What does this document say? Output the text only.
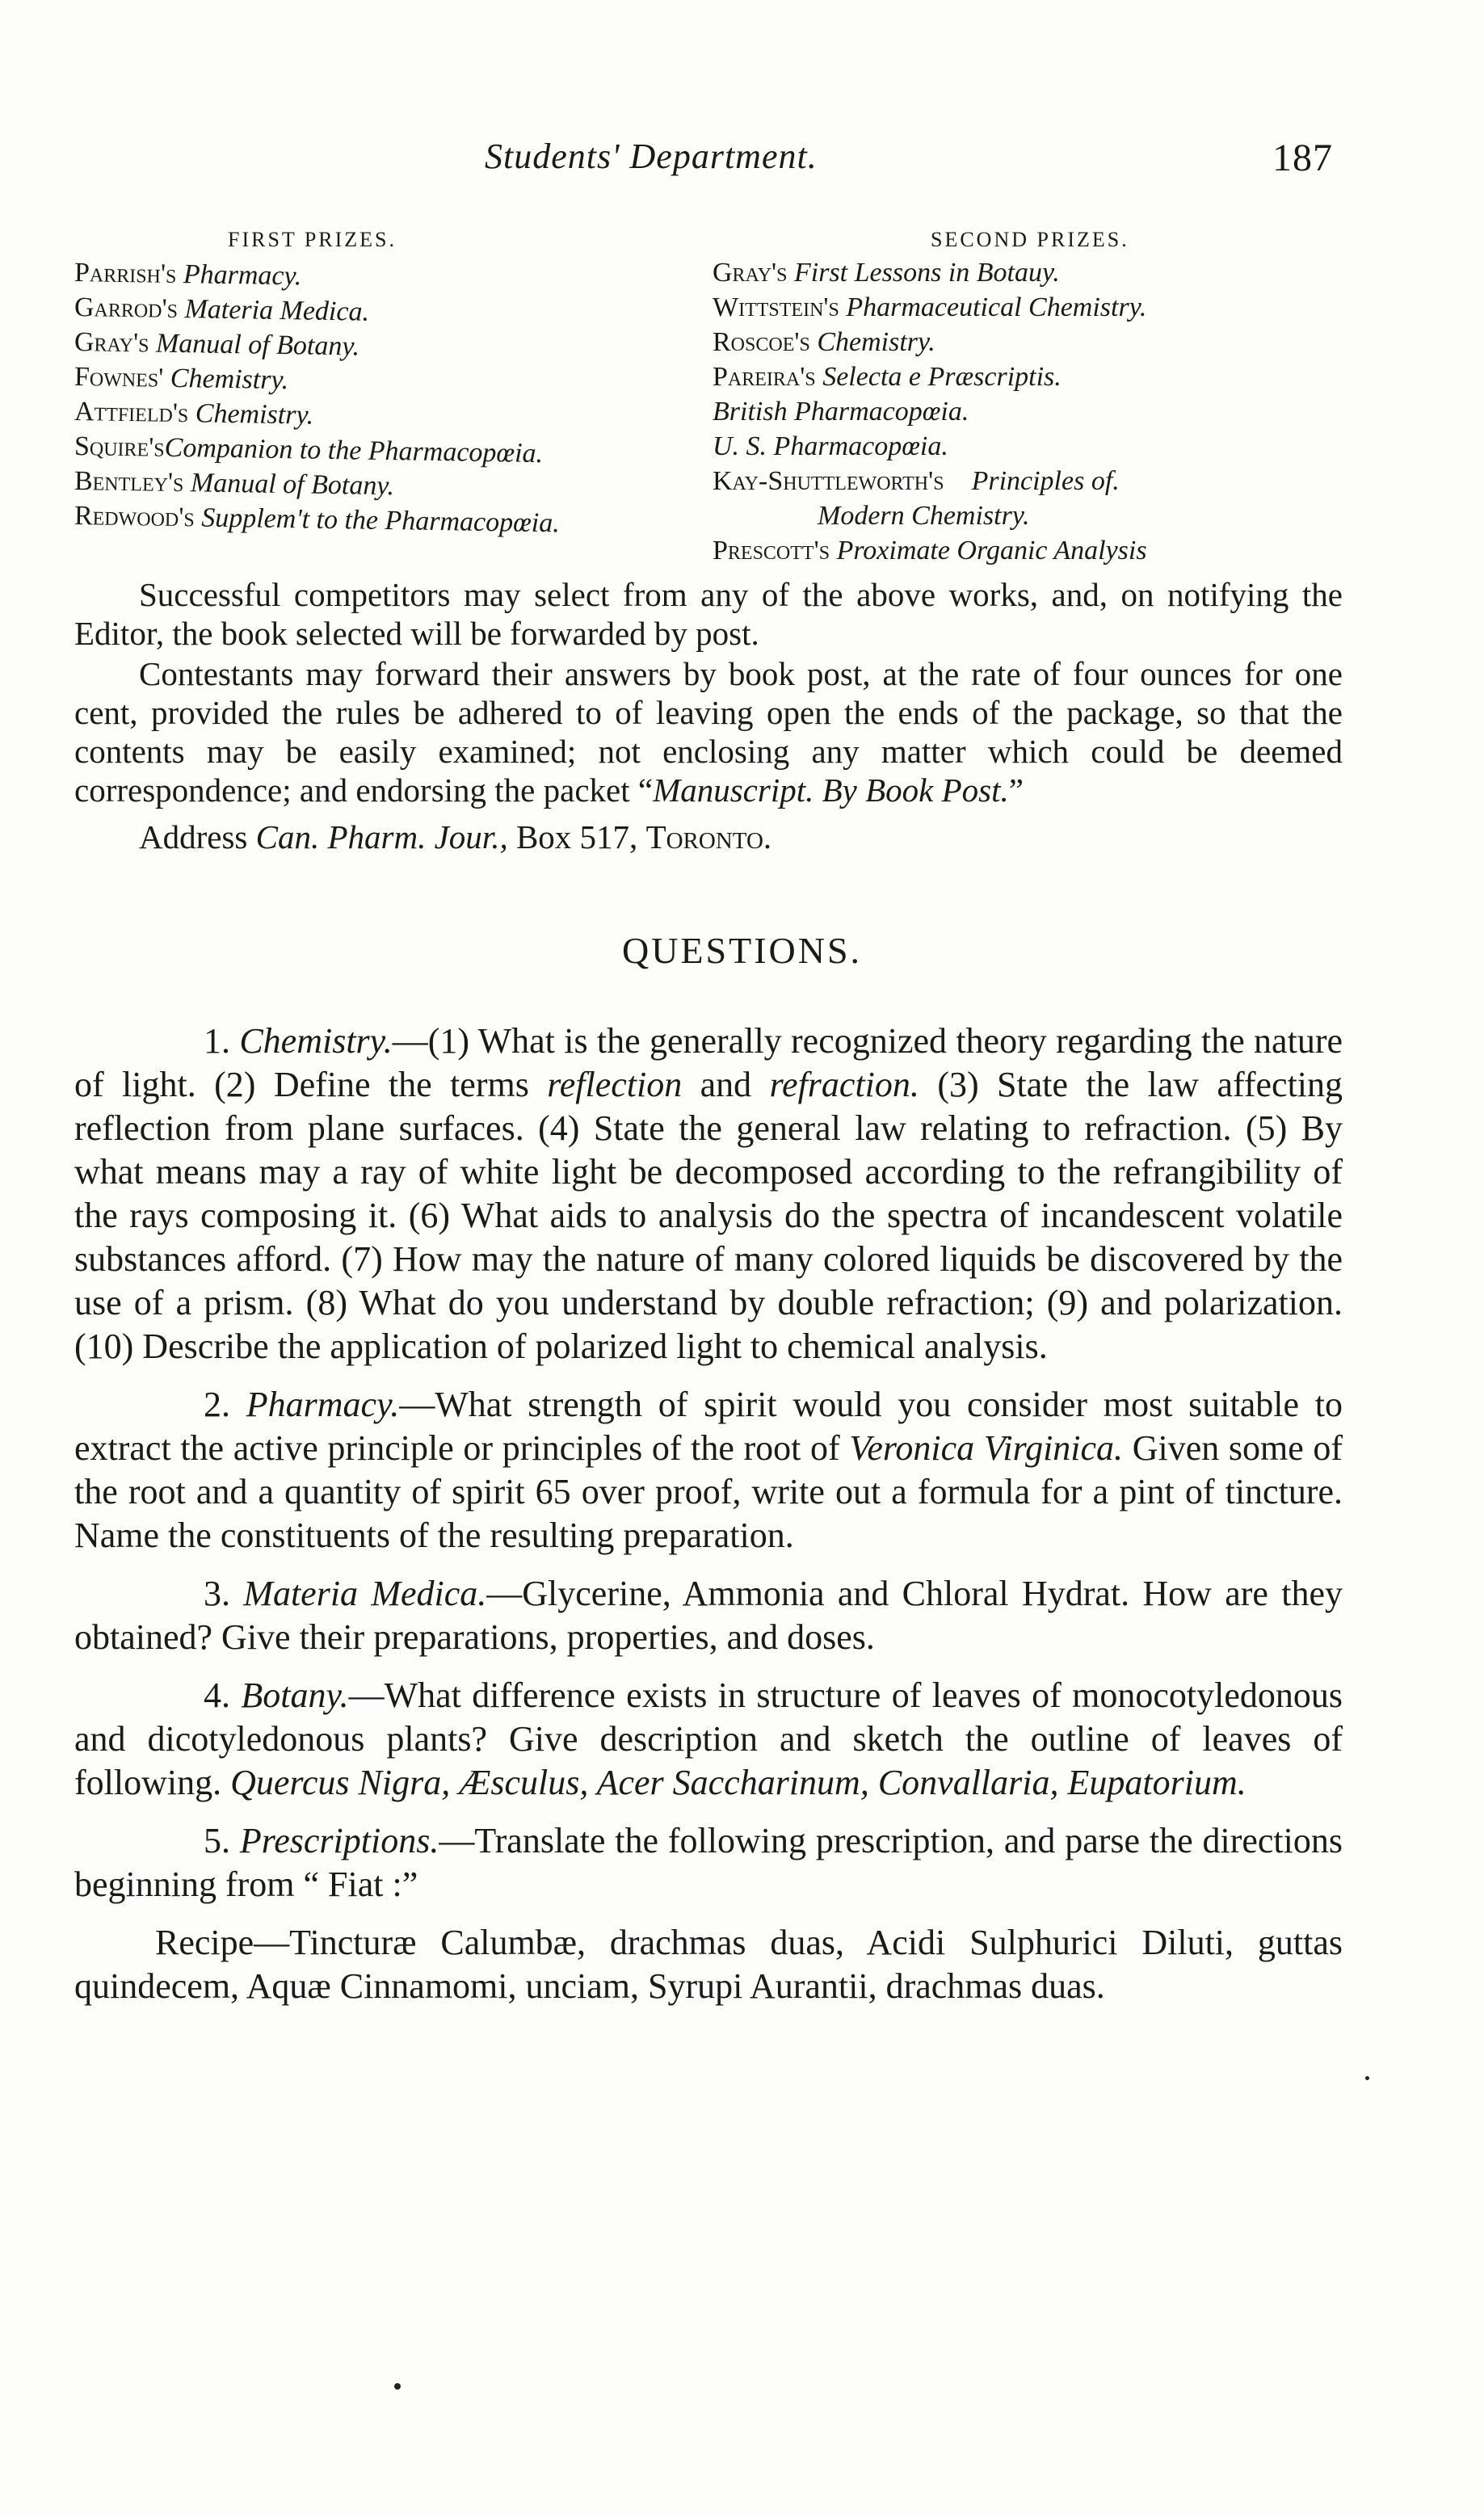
Students' Department.	187
FIRST PRIZES.
Parrish's Pharmacy.
Garrod's Materia Medica.
Gray's Manual of Botany.
Fownes' Chemistry.
Attfield's Chemistry.
Squire'sCompanion to the Pharmacopœia.
Bentley's Manual of Botany.
Redwood's Supplem't to the Pharmacopœia.
SECOND PRIZES.
Gray's First Lessons in Botauy.
Wittstein's Pharmaceutical Chemistry.
Roscoe's Chemistry.
Pareira's Selecta e Præscriptis.
British Pharmacopœia.
U. S. Pharmacopœia.
Kay-Shuttleworth's Principles of.
Modern Chemistry.
Prescott's Proximate Organic Analysis

Successful competitors may select from any of the above works, and, on notifying the Editor, the book selected will be forwarded by post.

Contestants may forward their answers by book post, at the rate of four ounces for one cent, provided the rules be adhered to of leaving open the ends of the package, so that the contents may be easily examined; not enclosing any matter which could be deemed correspondence; and endorsing the packet “Manuscript. By Book Post.”

Address Can. Pharm. Jour., Box 517, Toronto.

QUESTIONS.

1. Chemistry.—(1) What is the generally recognized theory regarding the nature of light. (2) Define the terms reflection and refraction. (3) State the law affecting reflection from plane surfaces. (4) State the general law relating to refraction. (5) By what means may a ray of white light be decomposed according to the refrangibility of the rays composing it. (6) What aids to analysis do the spectra of incandescent volatile substances afford. (7) How may the nature of many colored liquids be discovered by the use of a prism. (8) What do you understand by double refraction; (9) and polarization. (10) Describe the application of polarized light to chemical analysis.

2. Pharmacy.—What strength of spirit would you consider most suitable to extract the active principle or principles of the root of Veronica Virginica. Given some of the root and a quantity of spirit 65 over proof, write out a formula for a pint of tincture. Name the constituents of the resulting preparation.

3. Materia Medica.—Glycerine, Ammonia and Chloral Hydrat. How are they obtained? Give their preparations, properties, and doses.

4. Botany.—What difference exists in structure of leaves of monocotyledonous and dicotyledonous plants? Give description and sketch the outline of leaves of following. Quercus Nigra, Æsculus, Acer Saccharinum, Convallaria, Eupatorium.

5. Prescriptions.—Translate the following prescription, and parse the directions beginning from “ Fiat :”

Recipe—Tincturæ Calumbæ, drachmas duas, Acidi Sulphurici Diluti, guttas quindecem, Aquæ Cinnamomi, unciam, Syrupi Aurantii, drachmas duas.
